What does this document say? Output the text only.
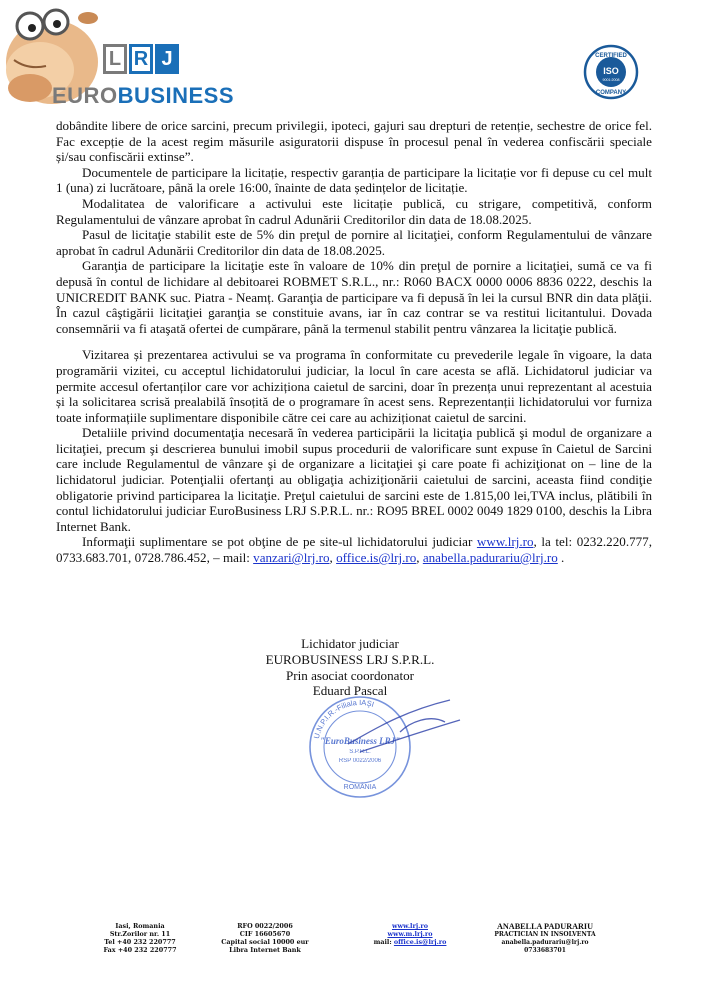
L R J
EUROBUSINESS
CERTIFIED
ISO
9001:2008
COMPANY

dobândite libere de orice sarcini, precum privilegii, ipoteci, gajuri sau drepturi de retenție, sechestre de orice fel. Fac excepție de la acest regim măsurile asiguratorii dispuse în procesul penal în vederea confiscării speciale și/sau confiscării extinse”.

Documentele de participare la licitație, respectiv garanția de participare la licitație vor fi depuse cu cel mult 1 (una) zi lucrătoare, până la orele 16:00, înainte de data ședințelor de licitație.

Modalitatea de valorificare a activului este licitație publică, cu strigare, competitivă, conform Regulamentului de vânzare aprobat în cadrul Adunării Creditorilor din data de 18.08.2025.

Pasul de licitaţie stabilit este de 5% din preţul de pornire al licitaţiei, conform Regulamentului de vânzare aprobat în cadrul Adunării Creditorilor din data de 18.08.2025.

Garanţia de participare la licitaţie este în valoare de 10% din preţul de pornire a licitaţiei, sumă ce va fi depusă în contul de lichidare al debitoarei ROBMET S.R.L., nr.: R060 BACX 0000 0006 8836 0222, deschis la UNICREDIT BANK suc. Piatra - Neamț. Garanţia de participare va fi depusă în lei la cursul BNR din data plăţii. În cazul câştigării licitaţiei garanţia se constituie avans, iar în caz contrar se va restitui licitantului. Dovada consemnării va fi ataşată ofertei de cumpărare, până la termenul stabilit pentru vânzarea la licitaţie publică.

Vizitarea și prezentarea activului se va programa în conformitate cu prevederile legale în vigoare, la data programării vizitei, cu acceptul lichidatorului judiciar, la locul în care acesta se află. Lichidatorul judiciar va permite accesul ofertanților care vor achiziționa caietul de sarcini, doar în prezența unui reprezentant al acestuia și la solicitarea scrisă prealabilă însoțită de o programare în acest sens. Reprezentanții lichidatorului vor furniza toate informațiile suplimentare disponibile către cei care au achiziționat caietul de sarcini.

Detaliile privind documentaţia necesară în vederea participării la licitaţia publică şi modul de organizare a licitaţiei, precum şi descrierea bunului imobil supus procedurii de valorificare sunt expuse în Caietul de Sarcini care include Regulamentul de vânzare şi de organizare a licitaţiei şi care poate fi achiziţionat on – line de la lichidatorul judiciar. Potenţialii ofertanţi au obligaţia achiziţionării caietului de sarcini, aceasta fiind condiţie obligatorie privind participarea la licitaţie. Preţul caietului de sarcini este de 1.815,00 lei,TVA inclus, plătibili în contul lichidatorului judiciar EuroBusiness LRJ S.P.R.L. nr.: RO95 BREL 0002 0049 1829 0100, deschis la Libra Internet Bank.

Informaţii suplimentare se pot obţine de pe site-ul lichidatorului judiciar www.lrj.ro, la tel: 0232.220.777, 0733.683.701, 0728.786.452, – mail: vanzari@lrj.ro, office.is@lrj.ro, anabella.padurariu@lrj.ro .

Lichidator judiciar
EUROBUSINESS LRJ S.P.R.L.
Prin asociat coordonator
Eduard Pascal
U.N.P.I.R.-Filiala IAŞI
"EuroBusiness LRJ"
S.P.R.L.
RSP 0022/2006
ROMÂNIA
Iasi, Romania
Str.Zorilor nr. 11
Tel +40 232 220777
Fax +40 232 220777
RFO 0022/2006
CIF 16605670
Capital social 10000 eur
Libra Internet Bank
www.lrj.ro
www.m.lrj.ro
mail: office.is@lrj.ro
ANABELLA PADURARIU
PRACTICIAN IN INSOLVENTA
anabella.padurariu@lrj.ro
0733683701
